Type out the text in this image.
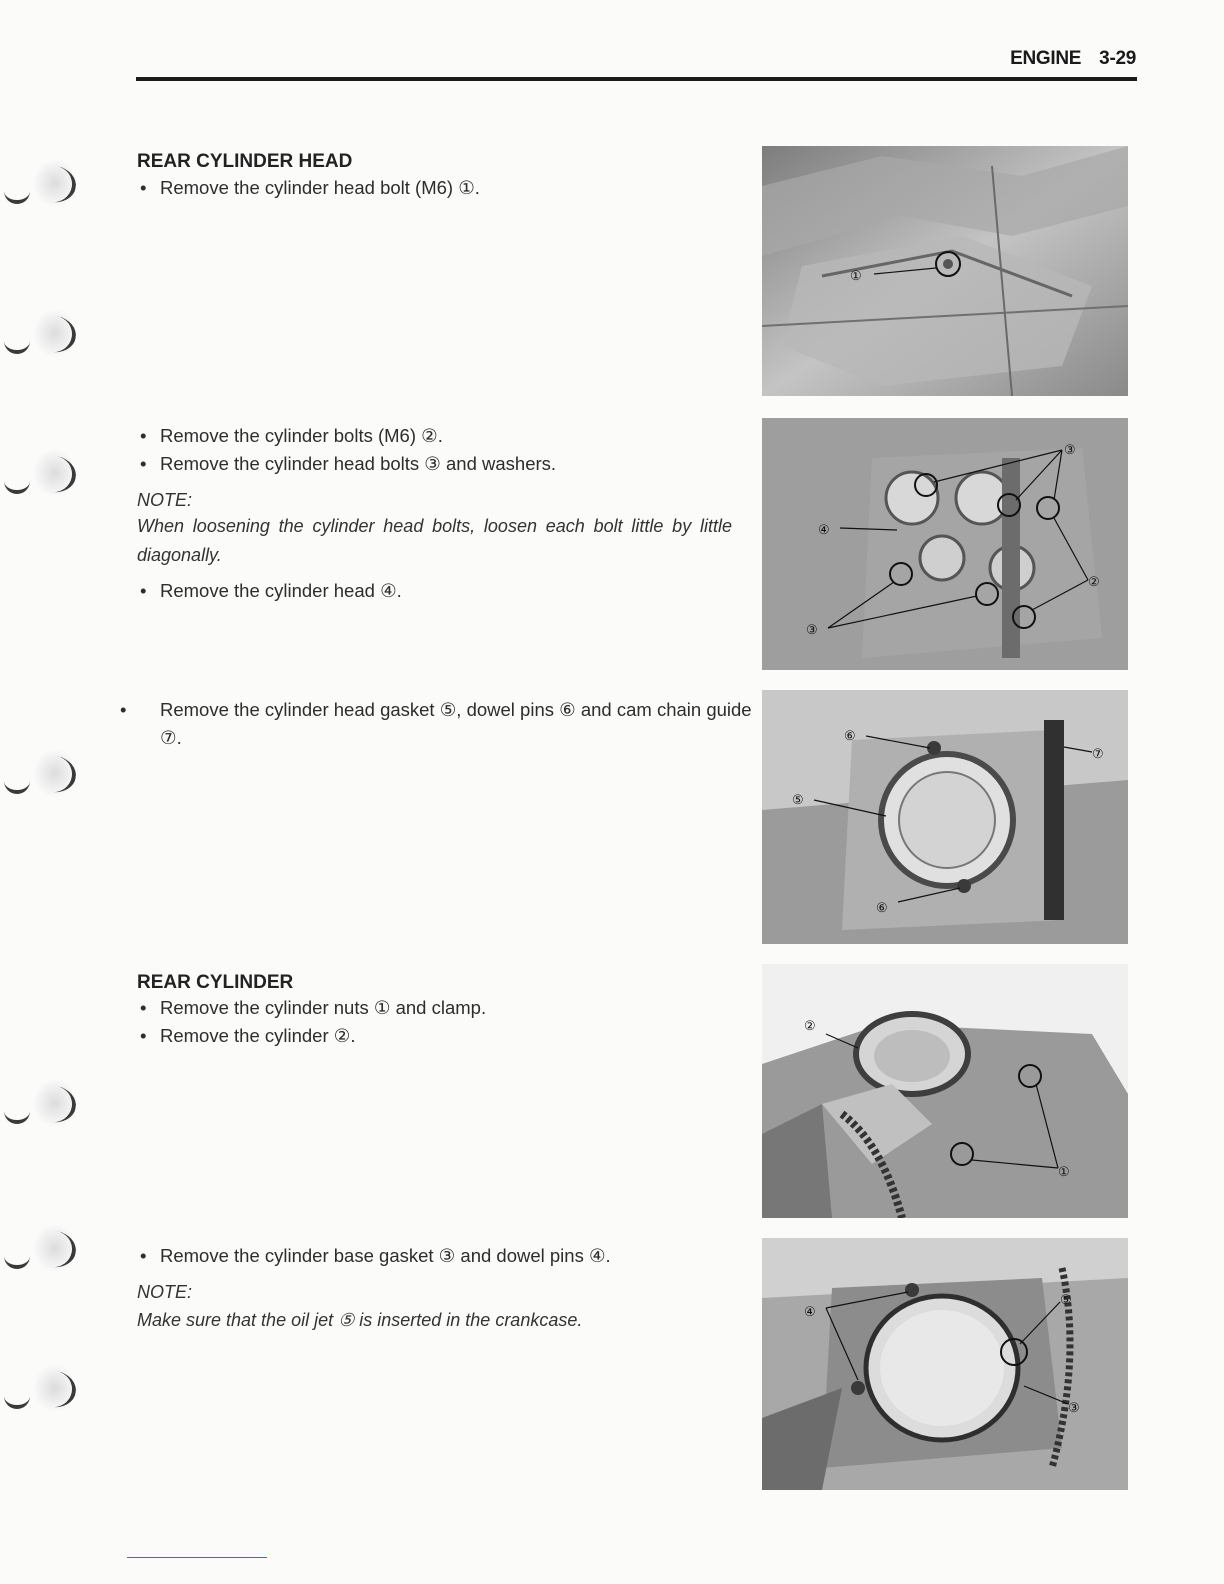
ENGINE 3-29
REAR CYLINDER HEAD
• Remove the cylinder head bolt (M6) ①.
• Remove the cylinder bolts (M6) ②.
• Remove the cylinder head bolts ③ and washers.
NOTE:
When loosening the cylinder head bolts, loosen each bolt little by little diagonally.
• Remove the cylinder head ④.
• Remove the cylinder head gasket ⑤, dowel pins ⑥ and cam chain guide ⑦.
REAR CYLINDER
• Remove the cylinder nuts ① and clamp.
• Remove the cylinder ②.
• Remove the cylinder base gasket ③ and dowel pins ④.
NOTE:
Make sure that the oil jet ⑤ is inserted in the crankcase.
①
③
④
②
③
⑥
⑦
⑤
⑥
②
①
④
⑤
③
